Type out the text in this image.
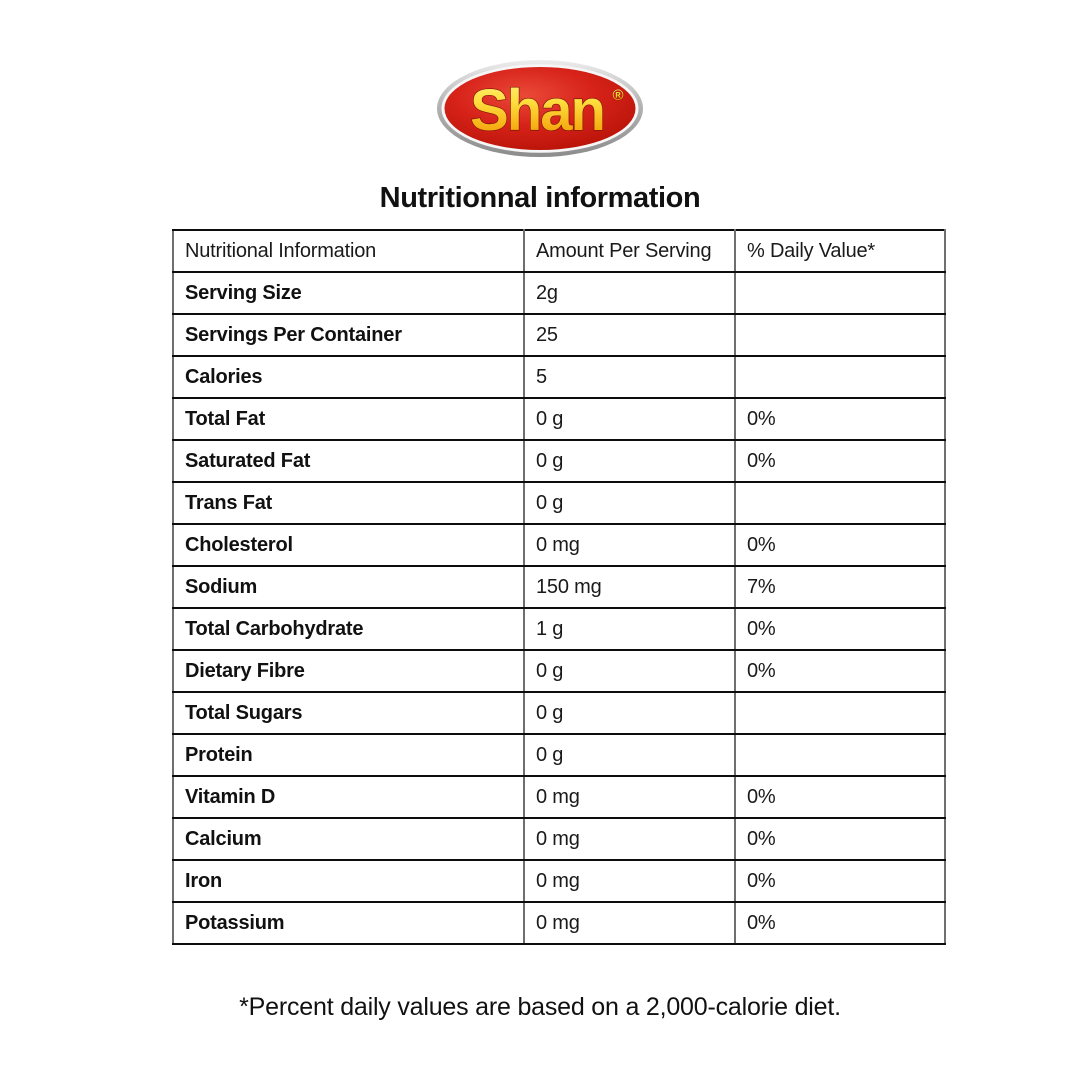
Shan ®
Nutritionnal information
Nutritional Information	Amount Per Serving	% Daily Value*
Serving Size	2g	
Servings Per Container	25	
Calories	5	
Total Fat	0 g	0%
Saturated Fat	0 g	0%
Trans Fat	0 g	
Cholesterol	0 mg	0%
Sodium	150 mg	7%
Total Carbohydrate	1 g	0%
Dietary Fibre	0 g	0%
Total Sugars	0 g	
Protein	0 g	
Vitamin D	0 mg	0%
Calcium	0 mg	0%
Iron	0 mg	0%
Potassium	0 mg	0%

*Percent daily values are based on a 2,000-calorie diet.
